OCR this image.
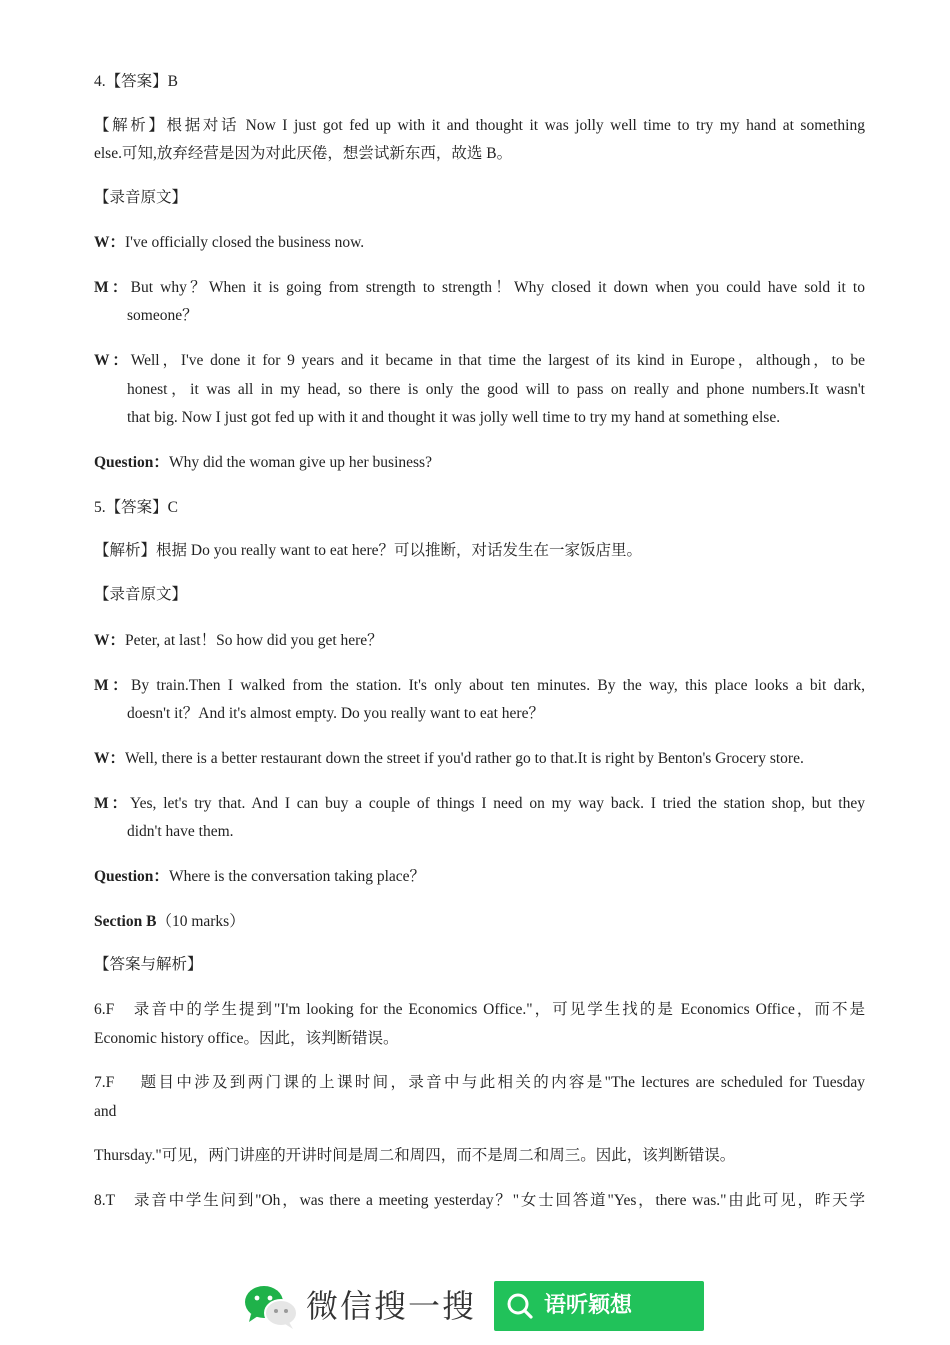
4.【答案】B
【解析】根据对话 Now I just got fed up with it and thought it was jolly well time to try my hand at something
else.可知,放弃经营是因为对此厌倦，想尝试新东西，故选 B。
【录音原文】
W：I've officially closed the business now.
M：But why？When it is going from strength to strength！Why closed it down when you could have sold it to
someone？
W：Well，I've done it for 9 years and it became in that time the largest of its kind in Europe，although，to be
honest，it was all in my head, so there is only the good will to pass on really and phone numbers.It wasn't
that big. Now I just got fed up with it and thought it was jolly well time to try my hand at something else.
Question：Why did the woman give up her business?
5.【答案】C
【解析】根据 Do you really want to eat here？可以推断，对话发生在一家饭店里。
【录音原文】
W：Peter, at last！So how did you get here？
M：By train.Then I walked from the station. It's only about ten minutes. By the way, this place looks a bit dark,
doesn't it？And it's almost empty. Do you really want to eat here？
W：Well, there is a better restaurant down the street if you'd rather go to that.It is right by Benton's Grocery store.
M：Yes, let's try that. And I can buy a couple of things I need on my way back. I tried the station shop, but they
didn't have them.
Question：Where is the conversation taking place？
Section B（10 marks）
【答案与解析】
6.F　录音中的学生提到"I'm looking for the Economics Office."，可见学生找的是 Economics Office，而不是
Economic history office。因此，该判断错误。
7.F　 题目中涉及到两门课的上课时间，录音中与此相关的内容是"The lectures are scheduled for Tuesday
and
Thursday."可见，两门讲座的开讲时间是周二和周四，而不是周二和周三。因此，该判断错误。
8.T　录音中学生问到"Oh，was there a meeting yesterday？"女士回答道"Yes，there was."由此可见，昨天学
微信搜一搜	语听颖想
